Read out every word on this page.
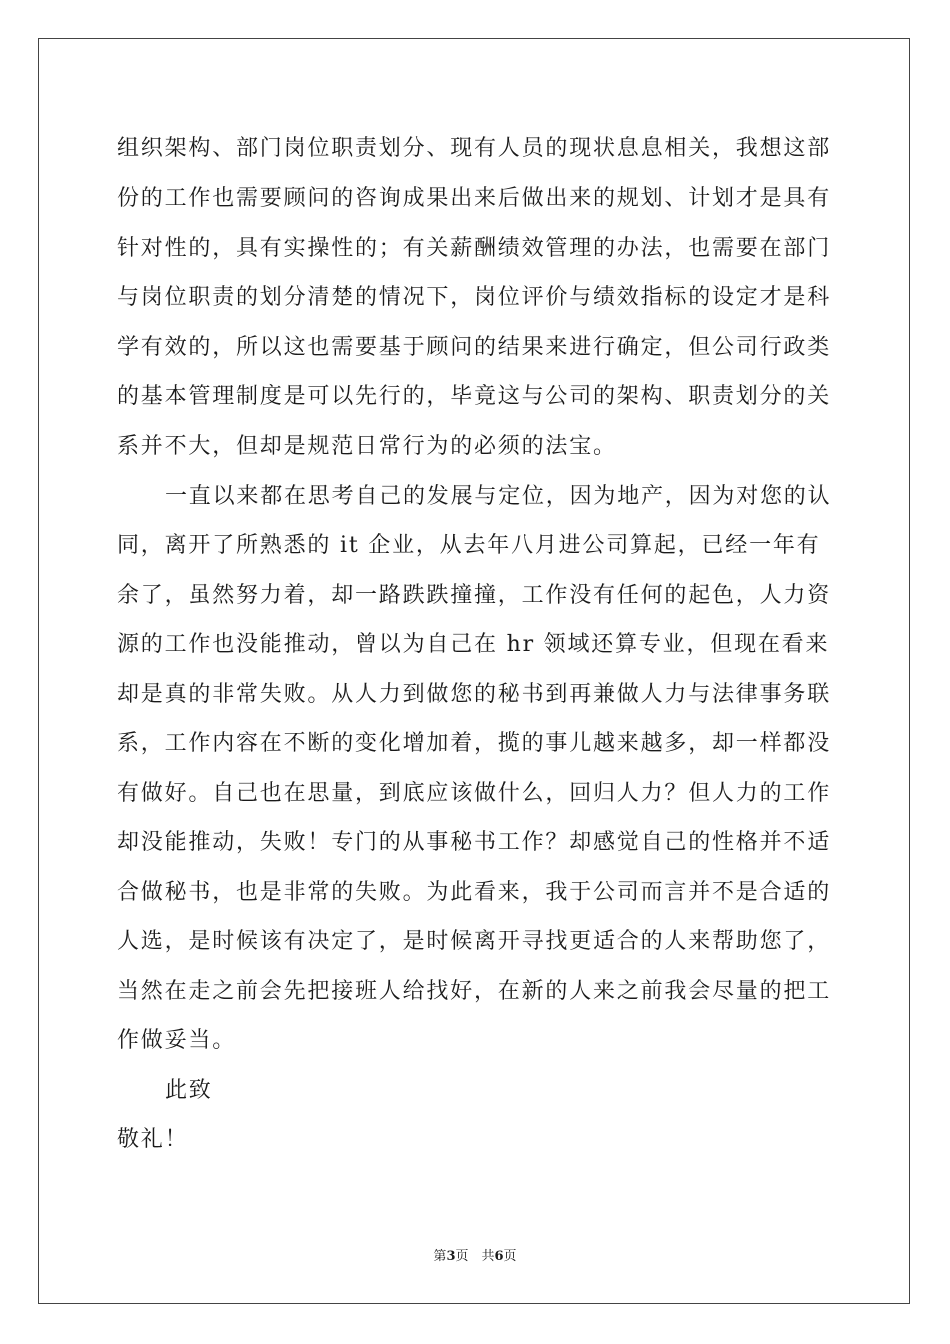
组织架构、部门岗位职责划分、现有人员的现状息息相关，我想这部
份的工作也需要顾问的咨询成果出来后做出来的规划、计划才是具有
针对性的，具有实操性的；有关薪酬绩效管理的办法，也需要在部门
与岗位职责的划分清楚的情况下，岗位评价与绩效指标的设定才是科
学有效的，所以这也需要基于顾问的结果来进行确定，但公司行政类
的基本管理制度是可以先行的，毕竟这与公司的架构、职责划分的关
系并不大，但却是规范日常行为的必须的法宝。
一直以来都在思考自己的发展与定位，因为地产，因为对您的认
同，离开了所熟悉的 it 企业，从去年八月进公司算起，已经一年有
余了，虽然努力着，却一路跌跌撞撞，工作没有任何的起色，人力资
源的工作也没能推动，曾以为自己在 hr 领域还算专业，但现在看来
却是真的非常失败。从人力到做您的秘书到再兼做人力与法律事务联
系，工作内容在不断的变化增加着，揽的事儿越来越多，却一样都没
有做好。自己也在思量，到底应该做什么，回归人力？但人力的工作
却没能推动，失败！专门的从事秘书工作？却感觉自己的性格并不适
合做秘书，也是非常的失败。为此看来，我于公司而言并不是合适的
人选，是时候该有决定了，是时候离开寻找更适合的人来帮助您了，
当然在走之前会先把接班人给找好，在新的人来之前我会尽量的把工
作做妥当。
此致
敬礼！
第3页　共6页
